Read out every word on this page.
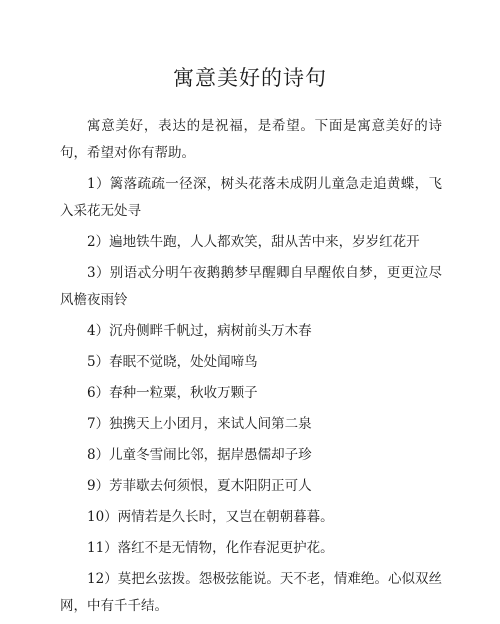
寓意美好的诗句

寓意美好，表达的是祝福，是希望。下面是寓意美好的诗句，希望对你有帮助。

1）篱落疏疏一径深，树头花落未成阴儿童急走追黄蝶，飞入采花无处寻

2）遍地铁牛跑，人人都欢笑，甜从苦中来，岁岁红花开

3）别语忒分明午夜鹅鹅梦早醒卿自早醒侬自梦，更更泣尽风檐夜雨铃

4）沉舟侧畔千帆过，病树前头万木春

5）春眠不觉晓，处处闻啼鸟

6）春种一粒粟，秋收万颗子

7）独携天上小团月，来试人间第二泉

8）儿童冬雪闹比邻，据岸愚儒却子珍

9）芳菲歇去何须恨，夏木阳阴正可人

10）两情若是久长时，又岂在朝朝暮暮。

11）落红不是无情物，化作春泥更护花。

12）莫把幺弦拨。怨极弦能说。天不老，情难绝。心似双丝网，中有千千结。
